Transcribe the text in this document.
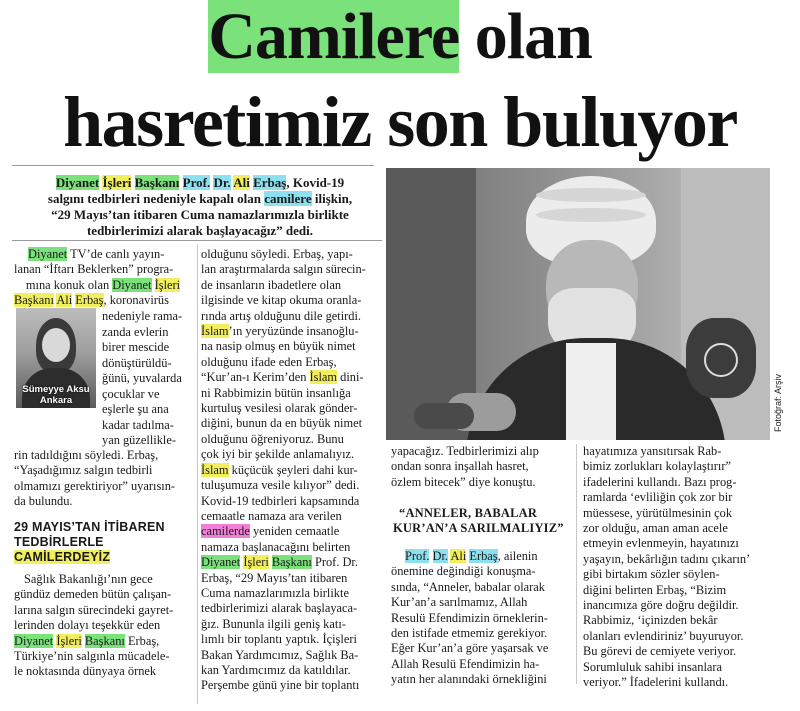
Camilere olan
hasretimiz son buluyor
Diyanet İşleri Başkanı Prof. Dr. Ali Erbaş, Kovid-19
salgını tedbirleri nedeniyle kapalı olan camilere ilişkin,
“29 Mayıs’tan itibaren Cuma namazlarımızla birlikte
tedbirlerimizi alarak başlayacağız” dedi.
Diyanet TV’de canlı yayın-
lanan “İftarı Beklerken” progra-
mına konuk olan Diyanet İşleri
Başkanı Ali Erbaş, koronavirüs
Sümeyye Aksu
Ankara
nedeniyle rama-
zanda evlerin
birer mescide
dönüştürüldü-
ğünü, yuvalarda
çocuklar ve
eşlerle şu ana
kadar tadılma-
yan güzellikle-
rin tadıldığını söyledi. Erbaş,
“Yaşadığımız salgın tedbirli
olmamızı gerektiriyor” uyarısın-
da bulundu.
29 MAYIS’TAN İTİBAREN
TEDBİRLERLE
CAMİLERDEYİZ
Sağlık Bakanlığı’nın gece
gündüz demeden bütün çalışan-
larına salgın sürecindeki gayret-
lerinden dolayı teşekkür eden
Diyanet İşleri Başkanı Erbaş,
Türkiye’nin salgınla mücadele-
le noktasında dünyaya örnek
olduğunu söyledi. Erbaş, yapı-
lan araştırmalarda salgın sürecin-
de insanların ibadetlere olan
ilgisinde ve kitap okuma oranla-
rında artış olduğunu dile getirdi.
İslam’ın yeryüzünde insanoğlu-
na nasip olmuş en büyük nimet
olduğunu ifade eden Erbaş,
“Kur’an-ı Kerim’den İslam dini-
ni Rabbimizin bütün insanlığa
kurtuluş vesilesi olarak gönder-
diğini, bunun da en büyük nimet
olduğunu öğreniyoruz. Bunu
çok iyi bir şekilde anlamalıyız.
İslam küçücük şeyleri dahi kur-
tuluşumuza vesile kılıyor” dedi.
Kovid-19 tedbirleri kapsamında
cemaatle namaza ara verilen
camilerde yeniden cemaatle
namaza başlanacağını belirten
Diyanet İşleri Başkanı Prof. Dr.
Erbaş, “29 Mayıs’tan itibaren
Cuma namazlarımızla birlikte
tedbirlerimizi alarak başlayaca-
ğız. Bununla ilgili geniş katı-
lımlı bir toplantı yaptık. İçişleri
Bakan Yardımcımız, Sağlık Ba-
kan Yardımcımız da katıldılar.
Perşembe günü yine bir toplantı
Fotoğraf: Arşiv
yapacağız. Tedbirlerimizi alıp
ondan sonra inşallah hasret,
özlem bitecek” diye konuştu.
“ANNELER, BABALAR
KUR’AN’A SARILMALIYIZ”
Prof. Dr. Ali Erbaş, ailenin
önemine değindiği konuşma-
sında, “Anneler, babalar olarak
Kur’an’a sarılmamız, Allah
Resulü Efendimizin örneklerin-
den istifade etmemiz gerekiyor.
Eğer Kur’an’a göre yaşarsak ve
Allah Resulü Efendimizin ha-
yatın her alanındaki örnekliğini
hayatımıza yansıtırsak Rab-
bimiz zorlukları kolaylaştırır”
ifadelerini kullandı. Bazı prog-
ramlarda ‘evliliğin çok zor bir
müessese, yürütülmesinin çok
zor olduğu, aman aman acele
etmeyin evlenmeyin, hayatınızı
yaşayın, bekârlığın tadını çıkarın’
gibi birtakım sözler söylen-
diğini belirten Erbaş, “Bizim
inancımıza göre doğru değildir.
Rabbimiz, ‘içinizden bekâr
olanları evlendiriniz’ buyuruyor.
Bu görevi de cemiyete veriyor.
Sorumluluk sahibi insanlara
veriyor.” İfadelerini kullandı.
